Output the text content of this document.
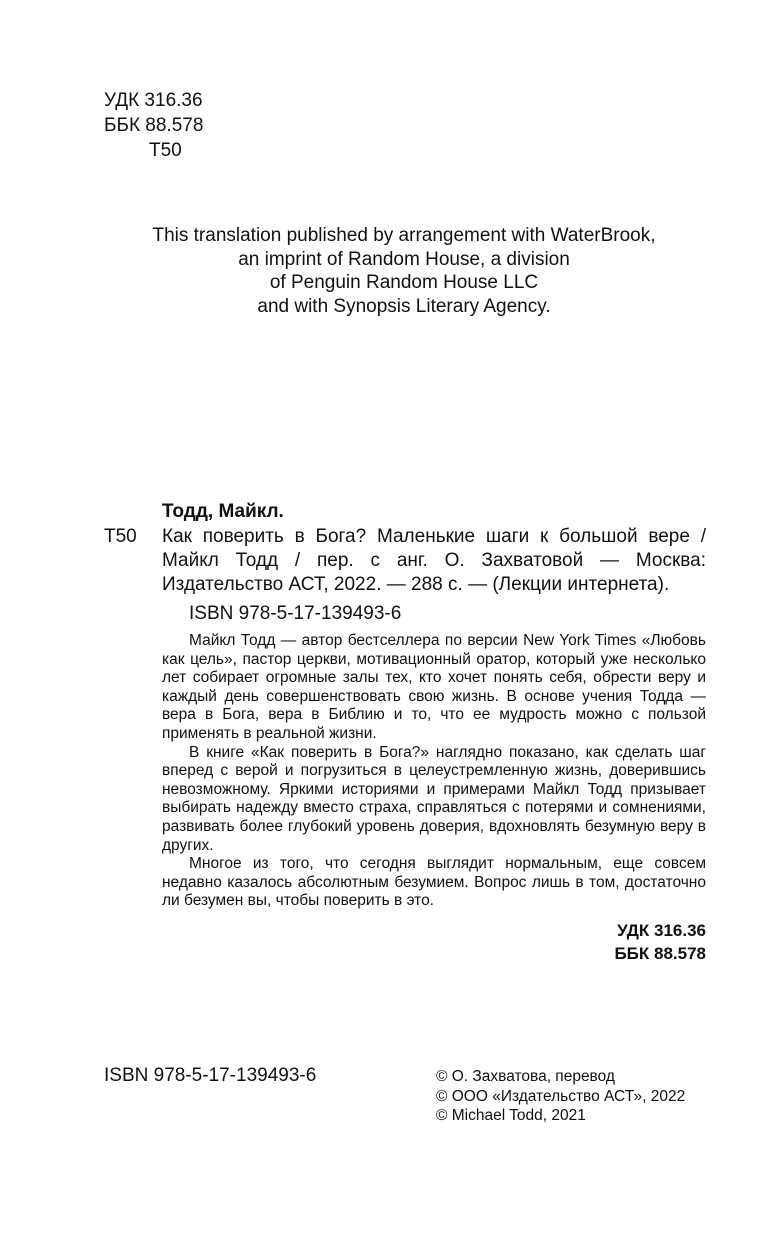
УДК 316.36
ББК 88.578
Т50
This translation published by arrangement with WaterBrook,
an imprint of Random House, a division
of Penguin Random House LLC
and with Synopsis Literary Agency.
Тодд, Майкл.
Т50 Как поверить в Бога? Маленькие шаги к большой вере / Майкл Тодд / пер. с анг. О. Захватовой — Москва: Издательство АСТ, 2022. — 288 с. — (Лекции интернета).
ISBN 978-5-17-139493-6

Майкл Тодд — автор бестселлера по версии New York Times «Любовь как цель», пастор церкви, мотивационный оратор, который уже несколько лет собирает огромные залы тех, кто хочет понять себя, обрести веру и каждый день совершенствовать свою жизнь. В основе учения Тодда — вера в Бога, вера в Библию и то, что ее мудрость можно с пользой применять в реальной жизни.

В книге «Как поверить в Бога?» наглядно показано, как сделать шаг вперед с верой и погрузиться в целеустремленную жизнь, доверившись невозможному. Яркими историями и примерами Майкл Тодд призывает выбирать надежду вместо страха, справляться с потерями и сомнениями, развивать более глубокий уровень доверия, вдохновлять безумную веру в других.

Многое из того, что сегодня выглядит нормальным, еще совсем недавно казалось абсолютным безумием. Вопрос лишь в том, достаточно ли безумен вы, чтобы поверить в это.

УДК 316.36
ББК 88.578
ISBN 978-5-17-139493-6	© О. Захватова, перевод
© ООО «Издательство АСТ», 2022
© Michael Todd, 2021
